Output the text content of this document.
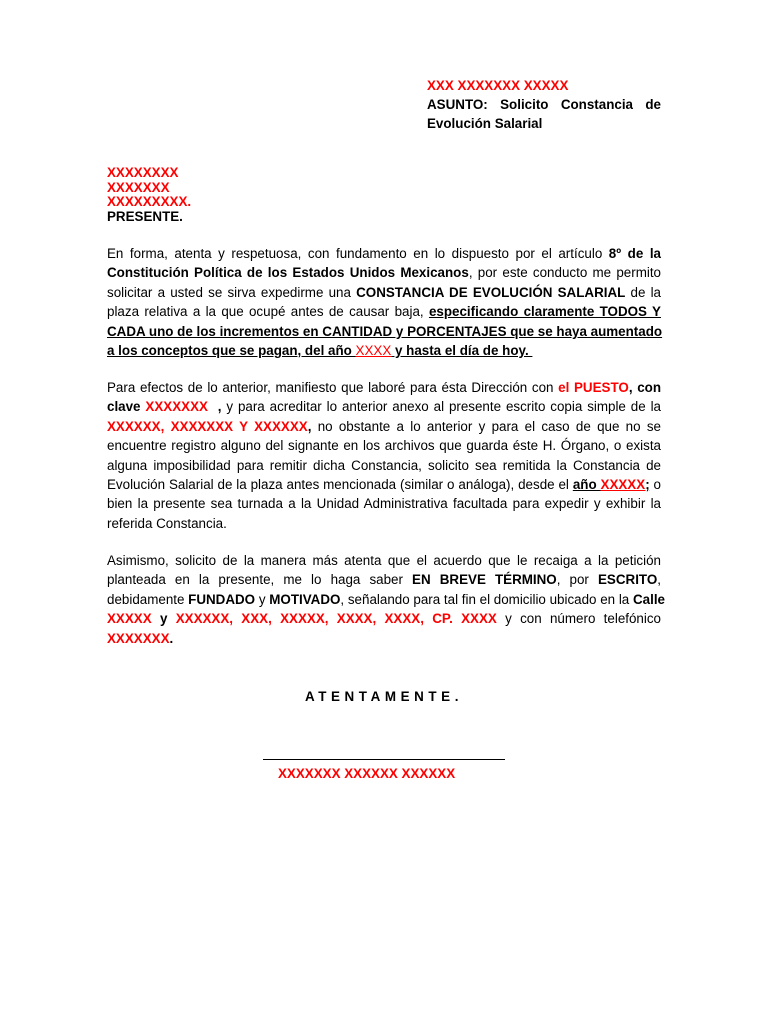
XXX XXXXXXX XXXXX
ASUNTO: Solicito Constancia de
Evolución Salarial
XXXXXXXX
XXXXXXX
XXXXXXXXX.
PRESENTE.
En forma, atenta y respetuosa, con fundamento en lo dispuesto por el artículo 8º de la
Constitución Política de los Estados Unidos Mexicanos, por este conducto me permito
solicitar a usted se sirva expedirme una CONSTANCIA DE EVOLUCIÓN SALARIAL de la
plaza relativa a la que ocupé antes de causar baja, especificando claramente TODOS Y
CADA uno de los incrementos en CANTIDAD y PORCENTAJES que se haya aumentado
a los conceptos que se pagan, del año XXXX y hasta el día de hoy.
Para efectos de lo anterior, manifiesto que laboré para ésta Dirección con el PUESTO, con
clave XXXXXXX  , y para acreditar lo anterior anexo al presente escrito copia simple de la
XXXXXX, XXXXXXX Y XXXXXX, no obstante a lo anterior y para el caso de que no se
encuentre registro alguno del signante en los archivos que guarda éste H. Órgano, o exista
alguna imposibilidad para remitir dicha Constancia, solicito sea remitida la Constancia de
Evolución Salarial de la plaza antes mencionada (similar o análoga), desde el año XXXXX; o
bien la presente sea turnada a la Unidad Administrativa facultada para expedir y exhibir la
referida Constancia.
Asimismo, solicito de la manera más atenta que el acuerdo que le recaiga a la petición
planteada en la presente, me lo haga saber EN BREVE TÉRMINO, por ESCRITO,
debidamente FUNDADO y MOTIVADO, señalando para tal fin el domicilio ubicado en la Calle
XXXXX y XXXXXX, XXX, XXXXX, XXXX, XXXX, CP. XXXX y con número telefónico
XXXXXXX.
ATENTAMENTE.
XXXXXXX XXXXXX XXXXXX
